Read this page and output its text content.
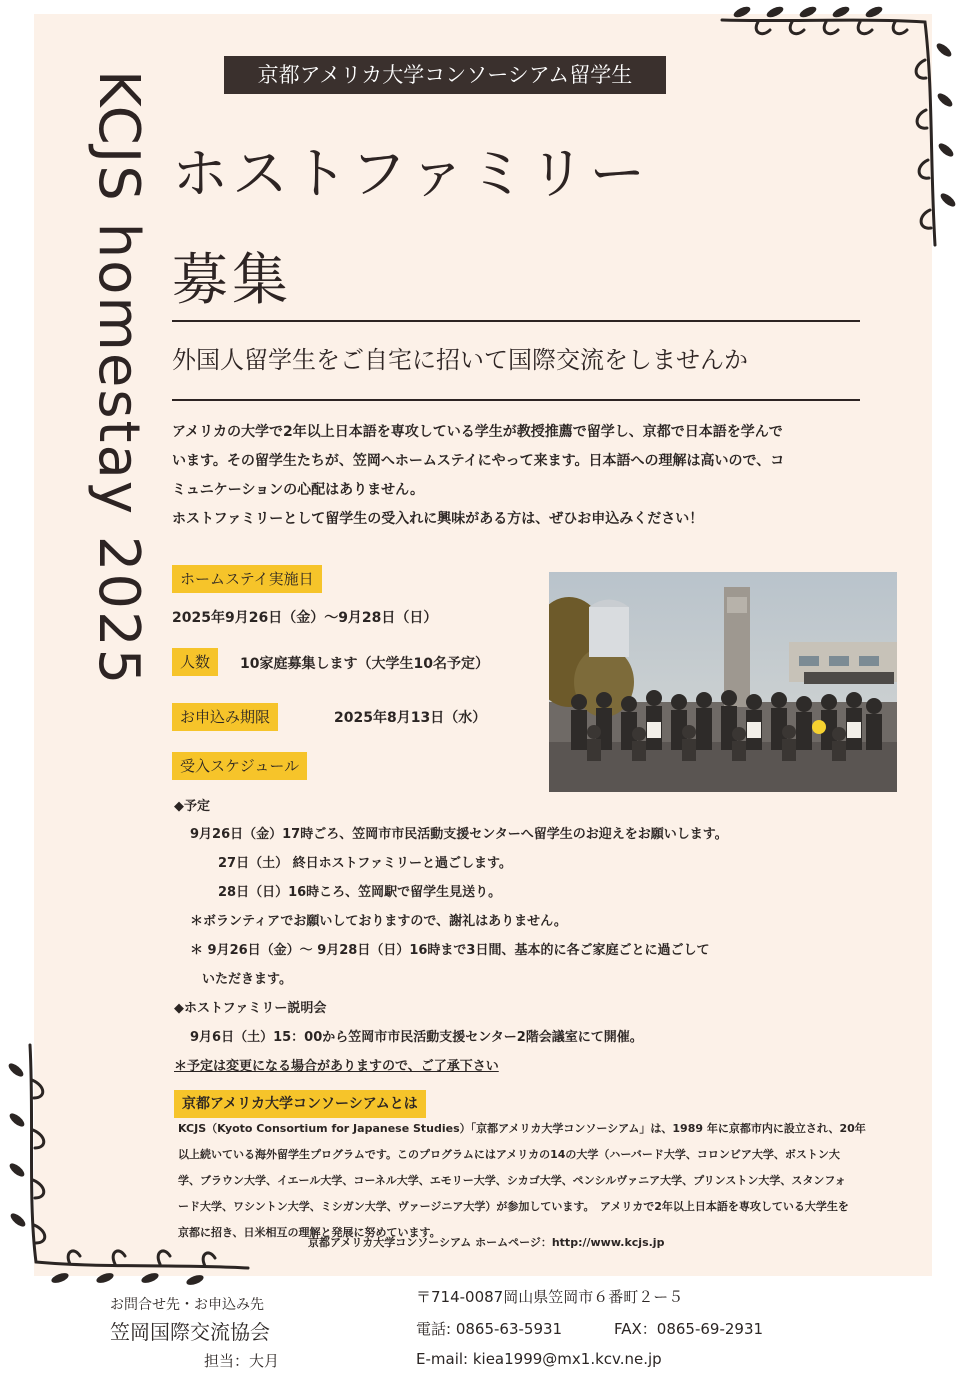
KCJS homestay 2025	京都アメリカ大学コンソーシアム留学生
ホストファミリー
募集
外国人留学生をご自宅に招いて国際交流をしませんか

アメリカの大学で2年以上日本語を専攻している学生が教授推薦で留学し、京都で日本語を学んで

います。その留学生たちが、笠岡へホームステイにやって来ます。日本語への理解は高いので、コ

ミュニケーションの心配はありません。

ホストファミリーとして留学生の受入れに興味がある方は、ぜひお申込みください！

ホームステイ実施日
2025年9月26日（金）～9月28日（日）
人数	10家庭募集します（大学生10名予定）
お申込み期限	2025年8月13日（水）
受入スケジュール
◆予定
9月26日（金）17時ごろ、笠岡市市民活動支援センターへ留学生のお迎えをお願いします。
27日（土） 終日ホストファミリーと過ごします。
28日（日）16時ころ、笠岡駅で留学生見送り。
＊ボランティアでお願いしておりますので、謝礼はありません。
＊ 9月26日（金）～ 9月28日（日）16時まで3日間、基本的に各ご家庭ごとに過ごして
いただきます。
◆ホストファミリー説明会
9月6日（土）15：00から笠岡市市民活動支援センター2階会議室にて開催。
＊予定は変更になる場合がありますので、ご了承下さい
京都アメリカ大学コンソーシアムとは

KCJS（Kyoto Consortium for Japanese Studies）「京都アメリカ大学コンソーシアム」は、1989 年に京都市内に設立され、20年

以上続いている海外留学生プログラムです。このプログラムにはアメリカの14の大学（ハーバード大学、コロンビア大学、ボストン大

学、ブラウン大学、イエール大学、コーネル大学、エモリー大学、シカゴ大学、ペンシルヴァニア大学、プリンストン大学、スタンフォ

ード大学、ワシントン大学、ミシガン大学、ヴァージニア大学）が参加しています。　アメリカで2年以上日本語を専攻している大学生を

京都に招き、日米相互の理解と発展に努めています。

京都アメリカ大学コンソーシアム ホームページ：http://www.kcjs.jp
お問合せ先・お申込み先
笠岡国際交流協会
担当：大月
〒714-0087岡山県笠岡市６番町２ー５
電話: 0865-63-5931	FAX：0865-69-2931
E-mail: kiea1999@mx1.kcv.ne.jp
